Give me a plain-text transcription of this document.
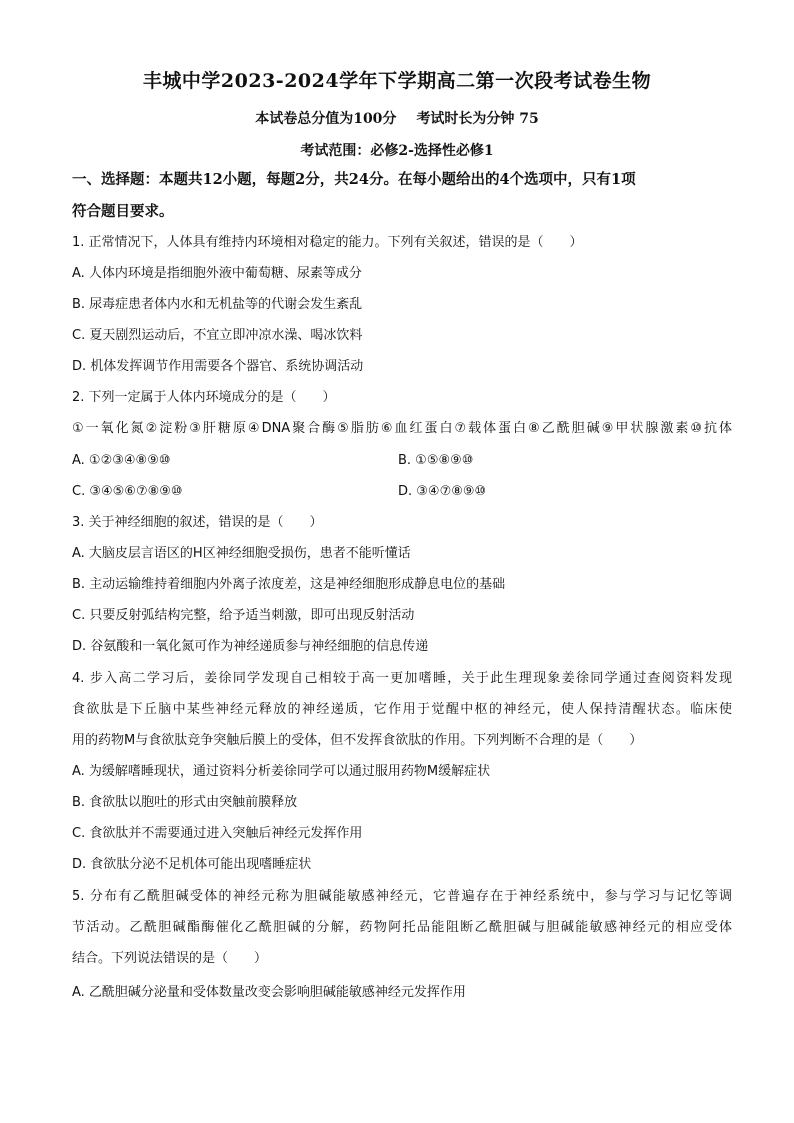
丰城中学2023-2024学年下学期高二第一次段考试卷生物
本试卷总分值为100分 考试时长为分钟 75
考试范围：必修2-选择性必修1
一、选择题：本题共12小题，每题2分，共24分。在每小题给出的4个选项中，只有1项
符合题目要求。
1. 正常情况下，人体具有维持内环境相对稳定的能力。下列有关叙述，错误的是（　　）
A. 人体内环境是指细胞外液中葡萄糖、尿素等成分
B. 尿毒症患者体内水和无机盐等的代谢会发生紊乱
C. 夏天剧烈运动后，不宜立即冲凉水澡、喝冰饮料
D. 机体发挥调节作用需要各个器官、系统协调活动
2. 下列一定属于人体内环境成分的是（　　）
①一氧化氮②淀粉③肝糖原④DNA聚合酶⑤脂肪⑥血红蛋白⑦载体蛋白⑧乙酰胆碱⑨甲状腺激素⑩抗体
A. ①②③④⑧⑨⑩	B. ①⑤⑧⑨⑩
C. ③④⑤⑥⑦⑧⑨⑩	D. ③④⑦⑧⑨⑩
3. 关于神经细胞的叙述，错误的是（　　）
A. 大脑皮层言语区的H区神经细胞受损伤，患者不能听懂话
B. 主动运输维持着细胞内外离子浓度差，这是神经细胞形成静息电位的基础
C. 只要反射弧结构完整，给予适当刺激，即可出现反射活动
D. 谷氨酸和一氧化氮可作为神经递质参与神经细胞的信息传递
4. 步入高二学习后，姜徐同学发现自己相较于高一更加嗜睡，关于此生理现象姜徐同学通过查阅资料发现
食欲肽是下丘脑中某些神经元释放的神经递质，它作用于觉醒中枢的神经元，使人保持清醒状态。临床使
用的药物M与食欲肽竞争突触后膜上的受体，但不发挥食欲肽的作用。下列判断不合理的是（　　）
A. 为缓解嗜睡现状，通过资料分析姜徐同学可以通过服用药物M缓解症状
B. 食欲肽以胞吐的形式由突触前膜释放
C. 食欲肽并不需要通过进入突触后神经元发挥作用
D. 食欲肽分泌不足机体可能出现嗜睡症状
5. 分布有乙酰胆碱受体的神经元称为胆碱能敏感神经元，它普遍存在于神经系统中，参与学习与记忆等调
节活动。乙酰胆碱酯酶催化乙酰胆碱的分解，药物阿托品能阻断乙酰胆碱与胆碱能敏感神经元的相应受体
结合。下列说法错误的是（　　）
A. 乙酰胆碱分泌量和受体数量改变会影响胆碱能敏感神经元发挥作用
